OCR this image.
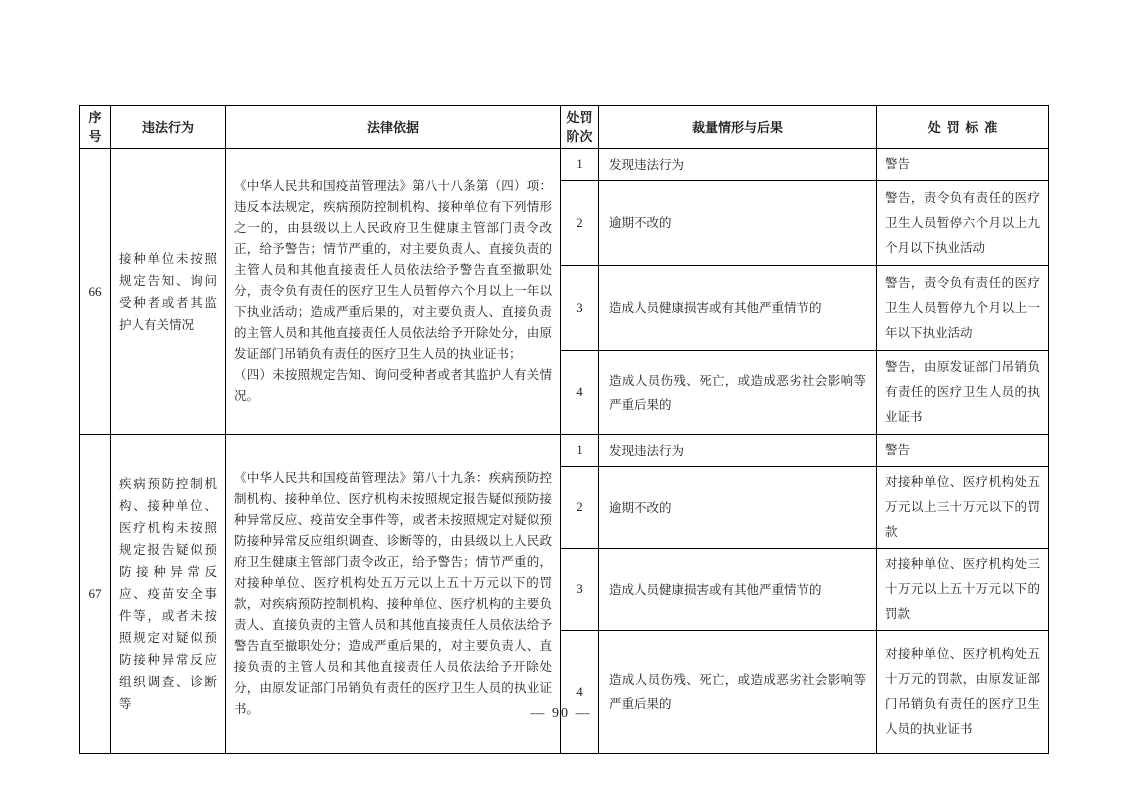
序号	违法行为	法律依据	处罚阶次	裁量情形与后果	处罚标准
66	接种单位未按照规定告知、询问受种者或者其监护人有关情况	《中华人民共和国疫苗管理法》第八十八条第（四）项：违反本法规定，疾病预防控制机构、接种单位有下列情形之一的，由县级以上人民政府卫生健康主管部门责令改正，给予警告；情节严重的，对主要负责人、直接负责的主管人员和其他直接责任人员依法给予警告直至撤职处分，责令负有责任的医疗卫生人员暂停六个月以上一年以下执业活动；造成严重后果的，对主要负责人、直接负责的主管人员和其他直接责任人员依法给予开除处分，由原发证部门吊销负有责任的医疗卫生人员的执业证书；
（四）未按照规定告知、询问受种者或者其监护人有关情况。	1	发现违法行为	警告
			2	逾期不改的	警告，责令负有责任的医疗卫生人员暂停六个月以上九个月以下执业活动
			3	造成人员健康损害或有其他严重情节的	警告，责令负有责任的医疗卫生人员暂停九个月以上一年以下执业活动
			4	造成人员伤残、死亡，或造成恶劣社会影响等严重后果的	警告，由原发证部门吊销负有责任的医疗卫生人员的执业证书
67	疾病预防控制机构、接种单位、医疗机构未按照规定报告疑似预防接种异常反应、疫苗安全事件等，或者未按照规定对疑似预防接种异常反应组织调查、诊断等	《中华人民共和国疫苗管理法》第八十九条：疾病预防控制机构、接种单位、医疗机构未按照规定报告疑似预防接种异常反应、疫苗安全事件等，或者未按照规定对疑似预防接种异常反应组织调查、诊断等的，由县级以上人民政府卫生健康主管部门责令改正，给予警告；情节严重的，对接种单位、医疗机构处五万元以上五十万元以下的罚款，对疾病预防控制机构、接种单位、医疗机构的主要负责人、直接负责的主管人员和其他直接责任人员依法给予警告直至撤职处分；造成严重后果的，对主要负责人、直接负责的主管人员和其他直接责任人员依法给予开除处分，由原发证部门吊销负有责任的医疗卫生人员的执业证书。	1	发现违法行为	警告
			2	逾期不改的	对接种单位、医疗机构处五万元以上三十万元以下的罚款
			3	造成人员健康损害或有其他严重情节的	对接种单位、医疗机构处三十万元以上五十万元以下的罚款
			4	造成人员伤残、死亡，或造成恶劣社会影响等严重后果的	对接种单位、医疗机构处五十万元的罚款，由原发证部门吊销负有责任的医疗卫生人员的执业证书
— 90 —
